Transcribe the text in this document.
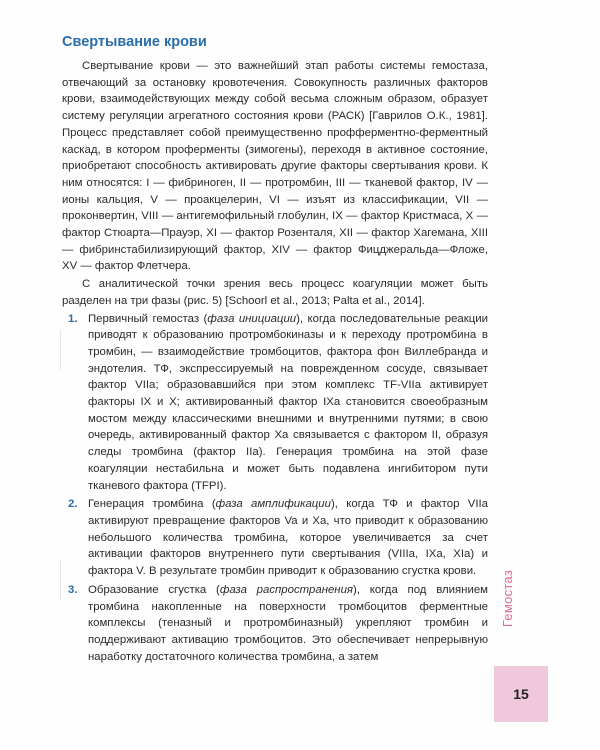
Свертывание крови

Свертывание крови — это важнейший этап работы системы гемостаза, отвечающий за остановку кровотечения. Совокупность различных факторов крови, взаимодействующих между собой весьма сложным образом, образует систему регуляции агрегатного состояния крови (РАСК) [Гаврилов О.К., 1981]. Процесс представляет собой преимущественно профферментно-ферментный каскад, в котором проферменты (зимогены), переходя в активное состояние, приобретают способность активировать другие факторы свертывания крови. К ним относятся: I — фибриноген, II — протромбин, III — тканевой фактор, IV — ионы кальция, V — проакцелерин, VI — изъят из классификации, VII — проконвертин, VIII — антигемофильный глобулин, IX — фактор Кристмаса, X — фактор Стюарта—Прауэр, XI — фактор Розенталя, XII — фактор Хагемана, XIII — фибринстабилизирующий фактор, XIV — фактор Фицджеральда—Фложе, XV — фактор Флетчера.

С аналитической точки зрения весь процесс коагуляции может быть разделен на три фазы (рис. 5) [Schoorl et al., 2013; Palta et al., 2014].

1. Первичный гемостаз (фаза инициации), когда последовательные реакции приводят к образованию протромбокиназы и к переходу протромбина в тромбин, — взаимодействие тромбоцитов, фактора фон Виллебранда и эндотелия. ТФ, экспрессируемый на поврежденном сосуде, связывает фактор VIIa; образовавшийся при этом комплекс TF-VIIa активирует факторы IX и X; активированный фактор IXa становится своеобразным мостом между классическими внешними и внутренними путями; в свою очередь, активированный фактор Xa связывается с фактором II, образуя следы тромбина (фактор IIa). Генерация тромбина на этой фазе коагуляции нестабильна и может быть подавлена ингибитором пути тканевого фактора (TFPI).
2. Генерация тромбина (фаза амплификации), когда ТФ и фактор VIIa активируют превращение факторов Va и Xa, что приводит к образованию небольшого количества тромбина, которое увеличивается за счет активации факторов внутреннего пути свертывания (VIIIa, IXa, XIa) и фактора V. В результате тромбин приводит к образованию сгустка крови.
3. Образование сгустка (фаза распространения), когда под влиянием тромбина накопленные на поверхности тромбоцитов ферментные комплексы (теназный и протромбиназный) укрепляют тромбин и поддерживают активацию тромбоцитов. Это обеспечивает непрерывную наработку достаточного количества тромбина, а затем
Гемостаз
15
